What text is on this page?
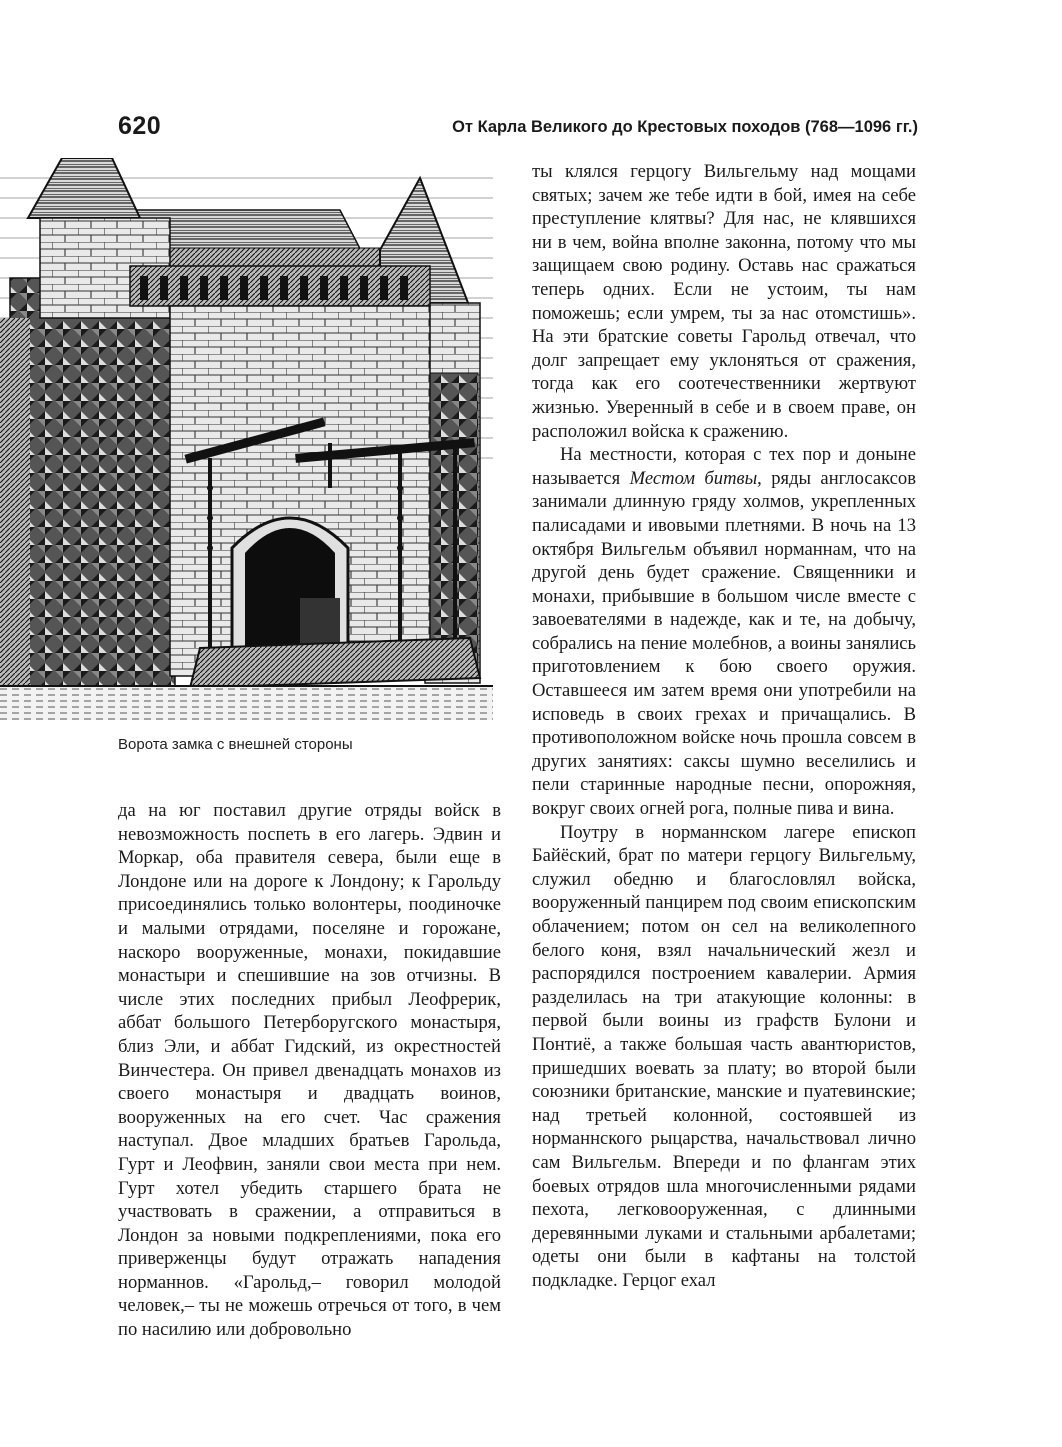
620	От Карла Великого до Крестовых походов (768—1096 гг.)
Ворота замка с внешней стороны

да на юг поставил другие отряды войск в невозможность поспеть в его лагерь. Эдвин и Моркар, оба правителя севера, были еще в Лондоне или на дороге к Лондону; к Гарольду присоединялись только волонтеры, поодиночке и малыми отрядами, поселяне и горожане, наскоро вооруженные, монахи, покидавшие монастыри и спешившие на зов отчизны. В числе этих последних прибыл Леофрерик, аббат большого Петерборугского монастыря, близ Эли, и аббат Гидский, из окрестностей Винчестера. Он привел двенадцать монахов из своего монастыря и двадцать воинов, вооруженных на его счет. Час сражения наступал. Двое младших братьев Гарольда, Гурт и Леофвин, заняли свои места при нем. Гурт хотел убедить старшего брата не участвовать в сражении, а отправиться в Лондон за новыми подкреплениями, пока его приверженцы будут отражать нападения норманнов. «Гарольд,– говорил молодой человек,– ты не можешь отречься от того, в чем по насилию или добровольно

ты клялся герцогу Вильгельму над мощами святых; зачем же тебе идти в бой, имея на себе преступление клятвы? Для нас, не клявшихся ни в чем, война вполне законна, потому что мы защищаем свою родину. Оставь нас сражаться теперь одних. Если не устоим, ты нам поможешь; если умрем, ты за нас отомстишь». На эти братские советы Гарольд отвечал, что долг запрещает ему уклоняться от сражения, тогда как его соотечественники жертвуют жизнью. Уверенный в себе и в своем праве, он расположил войска к сражению.

На местности, которая с тех пор и доныне называется Местом битвы, ряды англосаксов занимали длинную гряду холмов, укрепленных палисадами и ивовыми плетнями. В ночь на 13 октября Вильгельм объявил норманнам, что на другой день будет сражение. Священники и монахи, прибывшие в большом числе вместе с завоевателями в надежде, как и те, на добычу, собрались на пение молебнов, а воины занялись приготовлением к бою своего оружия. Оставшееся им затем время они употребили на исповедь в своих грехах и причащались. В противоположном войске ночь прошла совсем в других занятиях: саксы шумно веселились и пели старинные народные песни, опорожняя, вокруг своих огней рога, полные пива и вина.

Поутру в норманнском лагере епископ Байёский, брат по матери герцогу Вильгельму, служил обедню и благословлял войска, вооруженный панцирем под своим епископским облачением; потом он сел на великолепного белого коня, взял начальнический жезл и распорядился построением кавалерии. Армия разделилась на три атакующие колонны: в первой были воины из графств Булони и Понтиё, а также большая часть авантюристов, пришедших воевать за плату; во второй были союзники британские, манские и пуатевинские; над третьей колонной, состоявшей из норманнского рыцарства, начальствовал лично сам Вильгельм. Впереди и по флангам этих боевых отрядов шла многочисленными рядами пехота, легковооруженная, с длинными деревянными луками и стальными арбалетами; одеты они были в кафтаны на толстой подкладке. Герцог ехал
